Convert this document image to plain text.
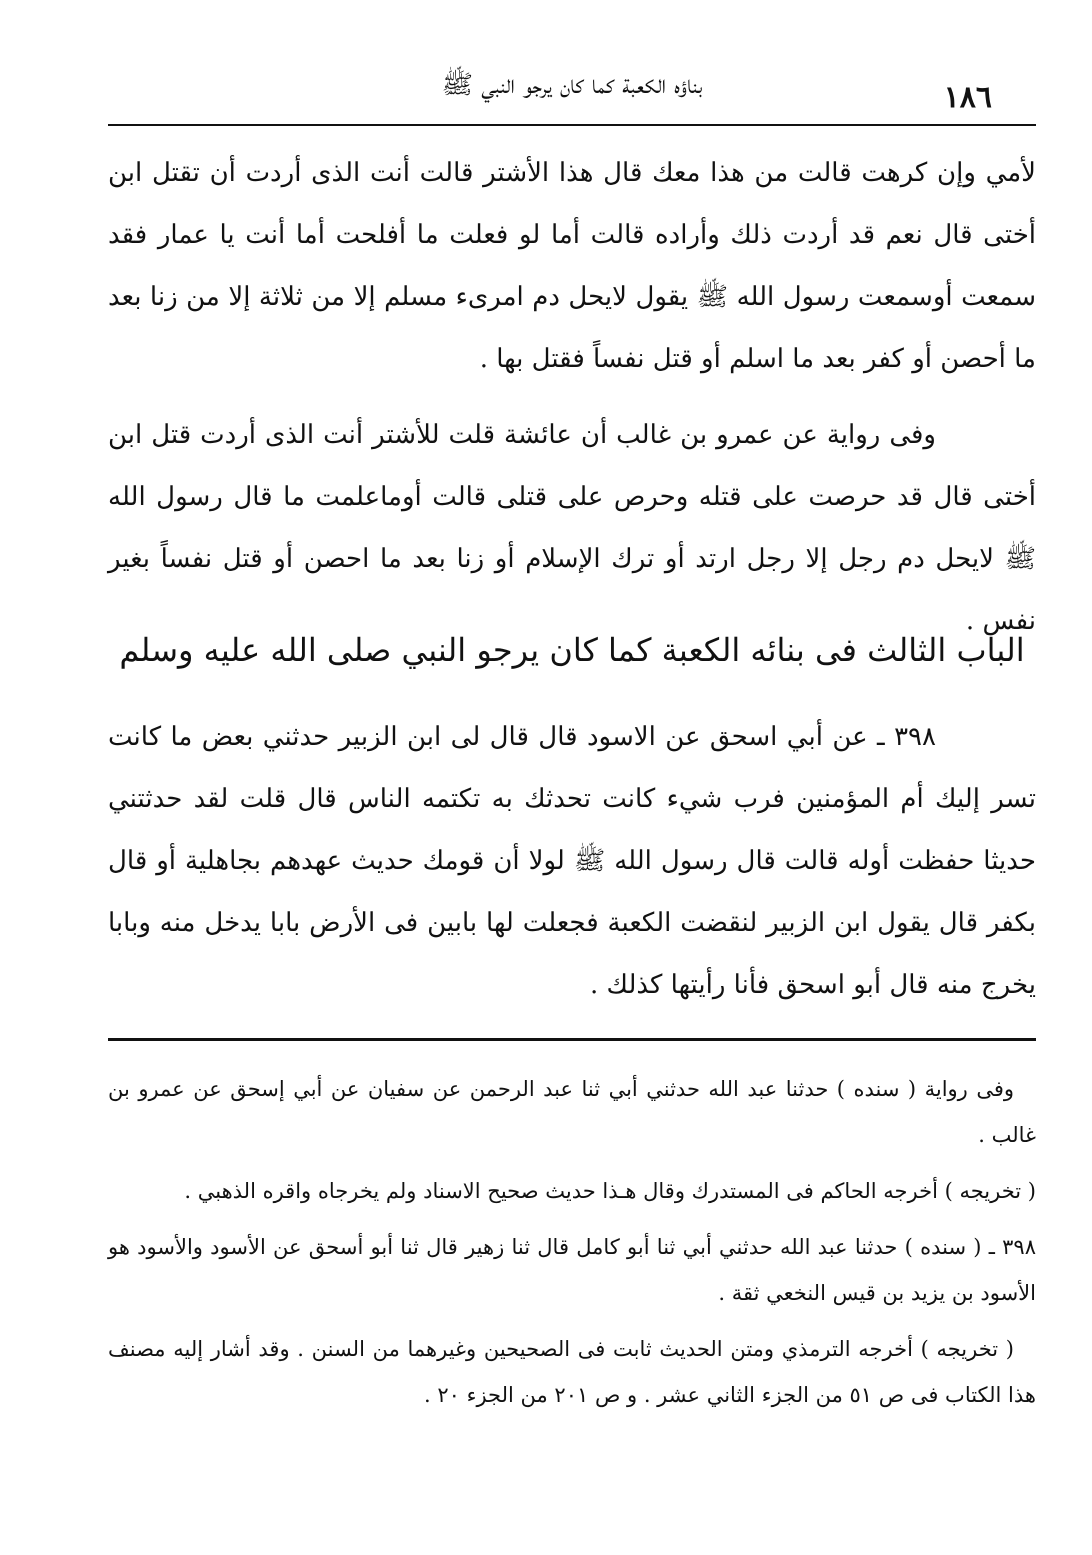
١٨٦
بناؤه الكعبة كما كان يرجو النبي ﷺ

لأمي وإن كرهت قالت من هذا معك قال هذا الأشتر قالت أنت الذى أردت أن تقتل ابن أختى قال نعم قد أردت ذلك وأراده قالت أما لو فعلت ما أفلحت أما أنت يا عمار فقد سمعت أوسمعت رسول الله ﷺ يقول لايحل دم امرىء مسلم إلا من ثلاثة إلا من زنا بعد ما أحصن أو كفر بعد ما اسلم أو قتل نفساً فقتل بها .

وفى رواية عن عمرو بن غالب أن عائشة قلت للأشتر أنت الذى أردت قتل ابن أختى قال قد حرصت على قتله وحرص على قتلى قالت أوماعلمت ما قال رسول الله ﷺ لايحل دم رجل إلا رجل ارتد أو ترك الإسلام أو زنا بعد ما احصن أو قتل نفساً بغير نفس .

الباب الثالث فى بنائه الكعبة كما كان يرجو النبي صلى الله عليه وسلم

٣٩٨ ـ عن أبي اسحق عن الاسود قال قال لى ابن الزبير حدثني بعض ما كانت تسر إليك أم المؤمنين فرب شيء كانت تحدثك به تكتمه الناس قال قلت لقد حدثتني حديثا حفظت أوله قالت قال رسول الله ﷺ لولا أن قومك حديث عهدهم بجاهلية أو قال بكفر قال يقول ابن الزبير لنقضت الكعبة فجعلت لها بابين فى الأرض بابا يدخل منه وبابا يخرج منه قال أبو اسحق فأنا رأيتها كذلك .

وفى رواية ( سنده ) حدثنا عبد الله حدثني أبي ثنا عبد الرحمن عن سفيان عن أبي إسحق عن عمرو بن غالب .

( تخريجه ) أخرجه الحاكم فى المستدرك وقال هـذا حديث صحيح الاسناد ولم يخرجاه واقره الذهبي .

٣٩٨ ـ ( سنده ) حدثنا عبد الله حدثني أبي ثنا أبو كامل قال ثنا زهير قال ثنا أبو أسحق عن الأسود والأسود هو الأسود بن يزيد بن قيس النخعي ثقة .

( تخريجه ) أخرجه الترمذي ومتن الحديث ثابت فى الصحيحين وغيرهما من السنن . وقد أشار إليه مصنف هذا الكتاب فى ص ٥١ من الجزء الثاني عشر . و ص ٢٠١ من الجزء ٢٠ .
